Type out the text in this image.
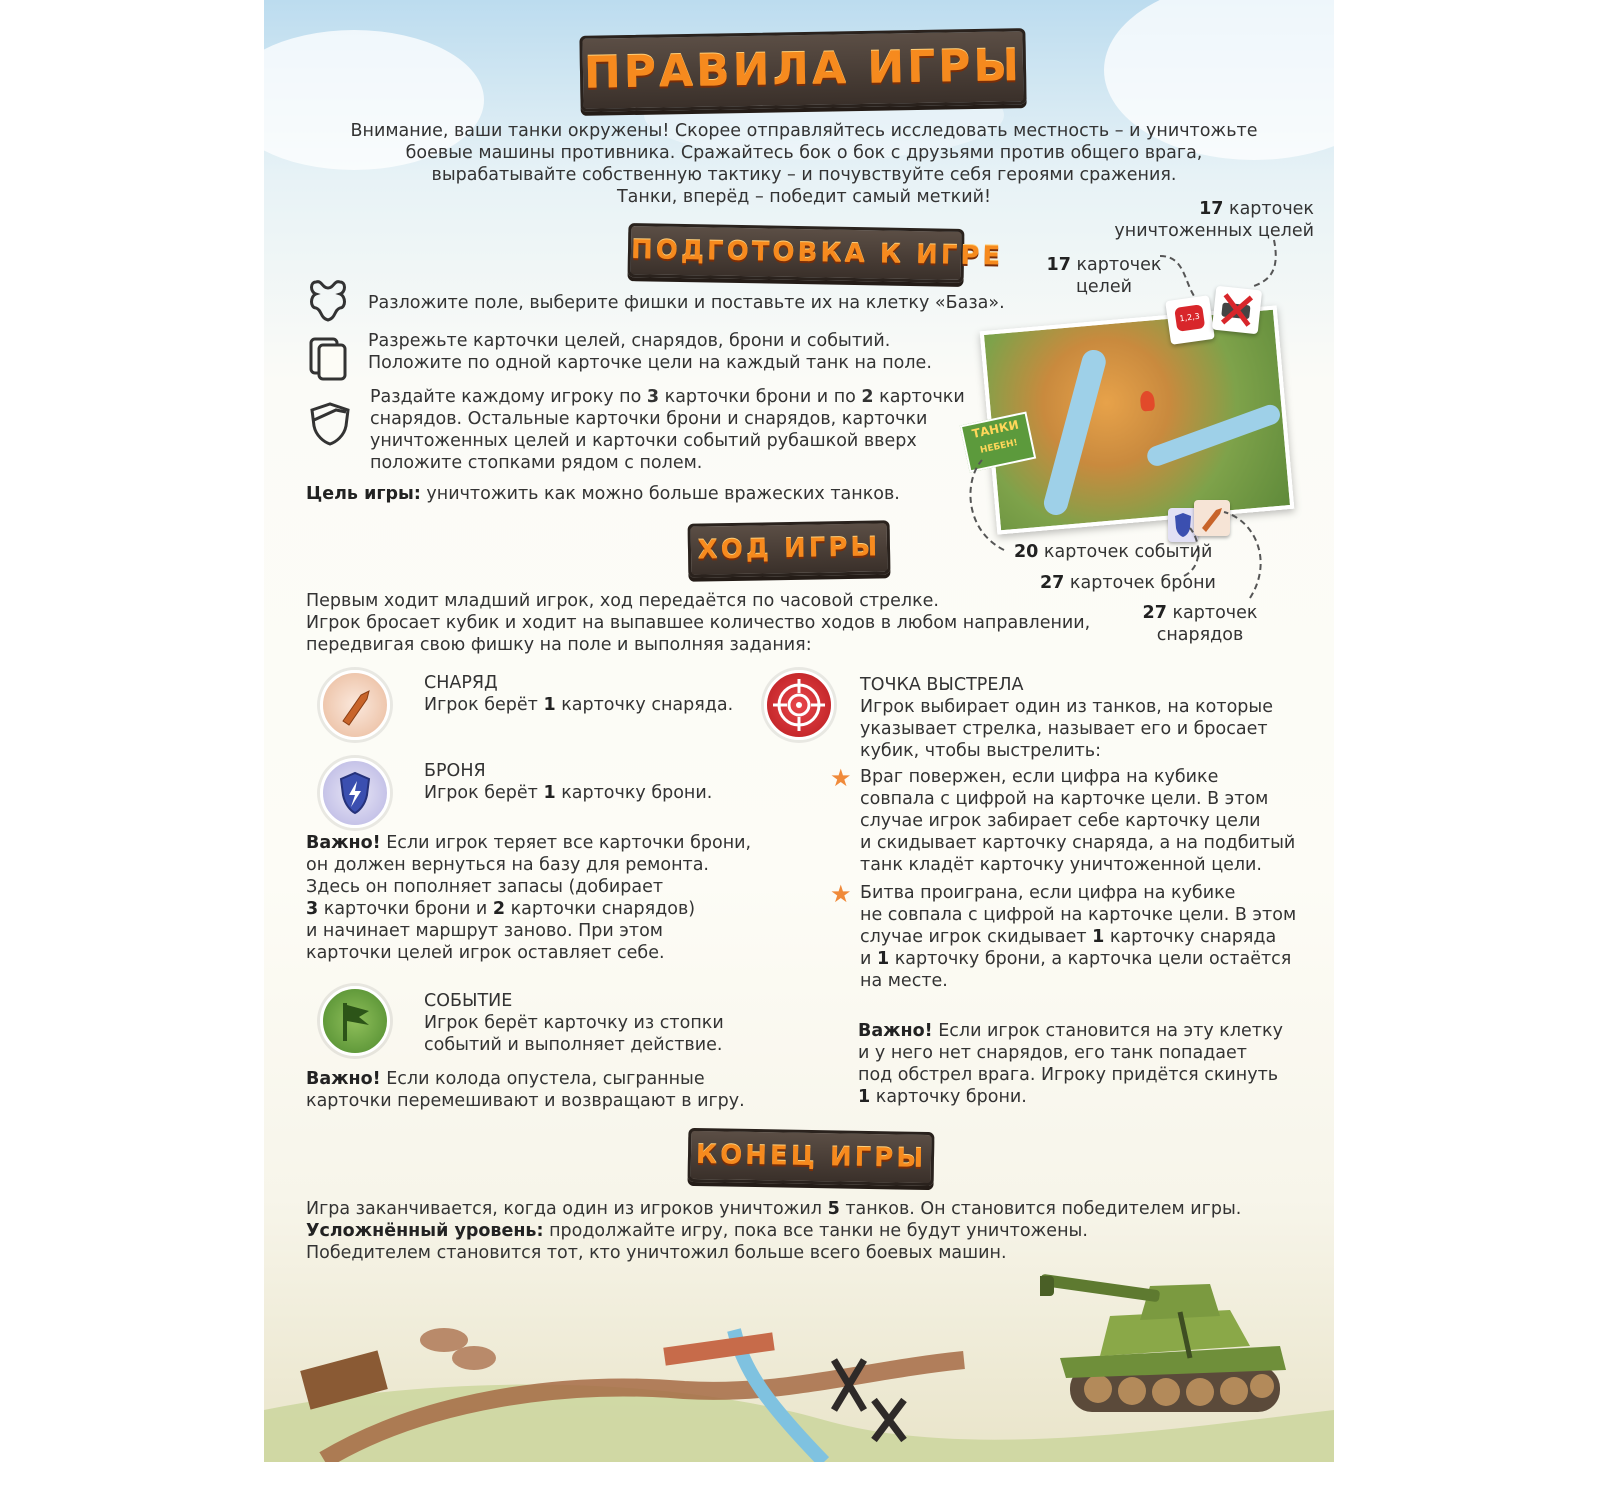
ПРАВИЛА ИГРЫ
Внимание, ваши танки окружены! Скорее отправляйтесь исследовать местность – и уничтожьте
боевые машины противника. Сражайтесь бок о бок с друзьями против общего врага,
вырабатывайте собственную тактику – и почувствуйте себя героями сражения.
Танки, вперёд – победит самый меткий!
ПОДГОТОВКА К ИГРЕ
Разложите поле, выберите фишки и поставьте их на клетку «База».
Разрежьте карточки целей, снарядов, брони и событий.
Положите по одной карточке цели на каждый танк на поле.
Раздайте каждому игроку по 3 карточки брони и по 2 карточки
снарядов. Остальные карточки брони и снарядов, карточки
уничтоженных целей и карточки событий рубашкой вверх
положите стопками рядом с полем.
Цель игры: уничтожить как можно больше вражеских танков.
17 карточек
уничтоженных целей
17 карточек
целей
1,2,3
ТАНКИ
НЕБЕН!
20 карточек событий
27 карточек брони
27 карточек
снарядов
ХОД ИГРЫ
Первым ходит младший игрок, ход передаётся по часовой стрелке.
Игрок бросает кубик и ходит на выпавшее количество ходов в любом направлении,
передвигая свою фишку на поле и выполняя задания:
СНАРЯД
Игрок берёт 1 карточку снаряда.
БРОНЯ
Игрок берёт 1 карточку брони.
Важно! Если игрок теряет все карточки брони,
он должен вернуться на базу для ремонта.
Здесь он пополняет запасы (добирает
3 карточки брони и 2 карточки снарядов)
и начинает маршрут заново. При этом
карточки целей игрок оставляет себе.
СОБЫТИЕ
Игрок берёт карточку из стопки
событий и выполняет действие.
Важно! Если колода опустела, сыгранные
карточки перемешивают и возвращают в игру.
ТОЧКА ВЫСТРЕЛА
Игрок выбирает один из танков, на которые
указывает стрелка, называет его и бросает
кубик, чтобы выстрелить:
★ Враг повержен, если цифра на кубике
совпала с цифрой на карточке цели. В этом
случае игрок забирает себе карточку цели
и скидывает карточку снаряда, а на подбитый
танк кладёт карточку уничтоженной цели.
★ Битва проиграна, если цифра на кубике
не совпала с цифрой на карточке цели. В этом
случае игрок скидывает 1 карточку снаряда
и 1 карточку брони, а карточка цели остаётся
на месте.
Важно! Если игрок становится на эту клетку
и у него нет снарядов, его танк попадает
под обстрел врага. Игроку придётся скинуть
1 карточку брони.
КОНЕЦ ИГРЫ
Игра заканчивается, когда один из игроков уничтожил 5 танков. Он становится победителем игры.
Усложнённый уровень: продолжайте игру, пока все танки не будут уничтожены.
Победителем становится тот, кто уничтожил больше всего боевых машин.
